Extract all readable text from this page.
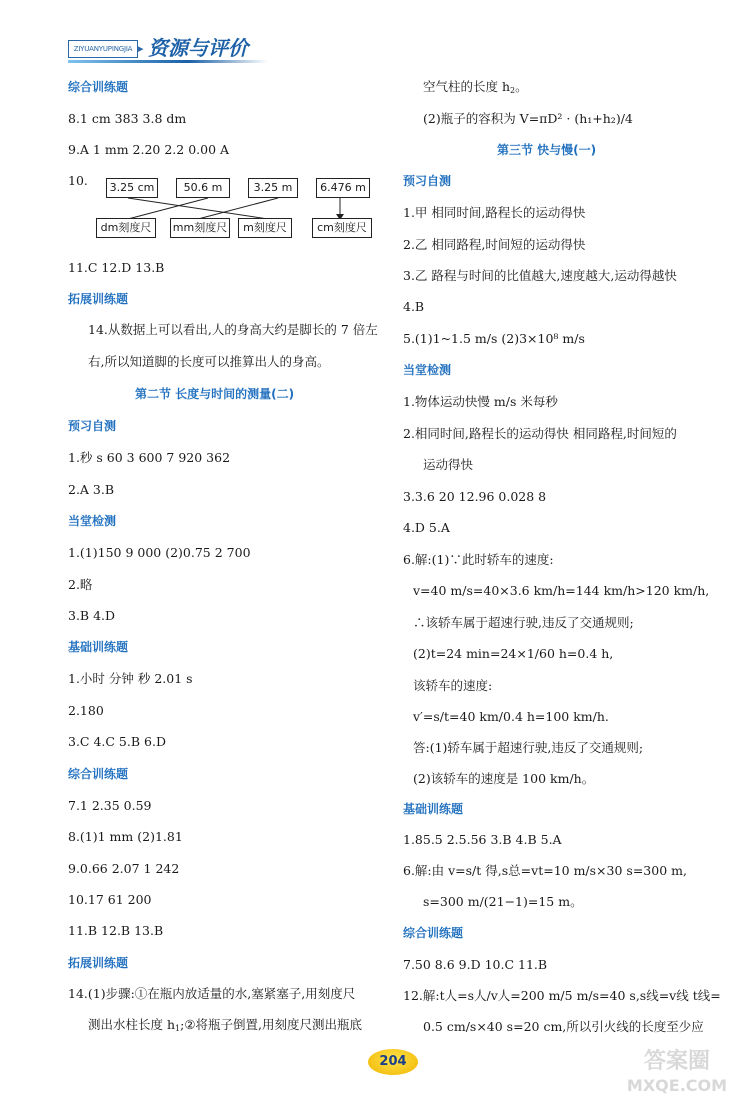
ZIYUANYUPINGJIA ▸ 资源与评价
综合训练题
8.1 cm 383 3.8 dm
9.A 1 mm 2.20 2.2 0.00 A
10.	3.25 cm	50.6 m	3.25 m	6.476 m
dm刻度尺	mm刻度尺	m刻度尺	cm刻度尺
11.C 12.D 13.B
拓展训练题
14.从数据上可以看出,人的身高大约是脚长的 7 倍左
右,所以知道脚的长度可以推算出人的身高。
第二节 长度与时间的测量(二)
预习自测
1.秒 s 60 3 600 7 920 362
2.A 3.B
当堂检测
1.(1)150 9 000 (2)0.75 2 700
2.略
3.B 4.D
基础训练题
1.小时 分钟 秒 2.01 s
2.180
3.C 4.C 5.B 6.D
综合训练题
7.1 2.35 0.59
8.(1)1 mm (2)1.81
9.0.66 2.07 1 242
10.17 61 200
11.B 12.B 13.B
拓展训练题
14.(1)步骤:①在瓶内放适量的水,塞紧塞子,用刻度尺
测出水柱长度 $h_1;②$将瓶子倒置,用刻度尺测出瓶底
空气柱的长度 $h_2$。
(2)瓶子的容积为 V=πD² · (h₁+h₂)/4
第三节 快与慢(一)
预习自测
1.甲 相同时间,路程长的运动得快
2.乙 相同路程,时间短的运动得快
3.乙 路程与时间的比值越大,速度越大,运动得越快
4.B
5.(1)1~1.5 m/s (2)3×10⁸ m/s
当堂检测
1.物体运动快慢 m/s 米每秒
2.相同时间,路程长的运动得快 相同路程,时间短的
运动得快
3.3.6 20 12.96 0.028 8
4.D 5.A
6.解:(1)∵此时轿车的速度:
v=40 m/s=40×3.6 km/h=144 km/h>120 km/h,
∴该轿车属于超速行驶,违反了交通规则;
(2)t=24 min=24×1/60 h=0.4 h,
该轿车的速度:
v′=s/t=40 km/0.4 h=100 km/h.
答:(1)轿车属于超速行驶,违反了交通规则;
(2)该轿车的速度是 100 km/h。
基础训练题
1.85.5 2.5.56 3.B 4.B 5.A
6.解:由 v=s/t 得,s总=vt=10 m/s×30 s=300 m,
s=300 m/(21−1)=15 m。
综合训练题
7.50 8.6 9.D 10.C 11.B
12.解:t人=s人/v人=200 m/5 m/s=40 s,s线=v线 t线=
0.5 cm/s×40 s=20 cm,所以引火线的长度至少应
204	答案圈
MXQE.COM
